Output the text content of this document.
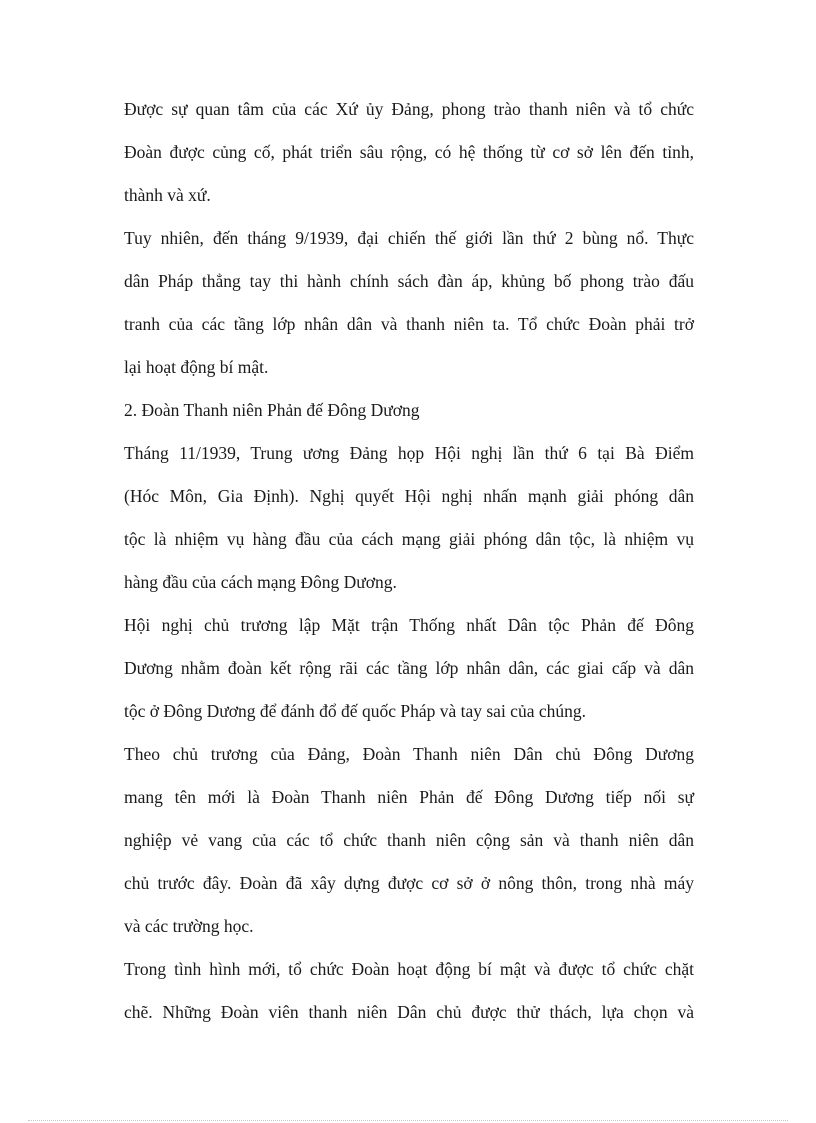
Được sự quan tâm của các Xứ ủy Đảng, phong trào thanh niên và tổ chức
Đoàn được củng cố, phát triển sâu rộng, có hệ thống từ cơ sở lên đến tỉnh,
thành và xứ.
Tuy nhiên, đến tháng 9/1939, đại chiến thế giới lần thứ 2 bùng nổ. Thực
dân Pháp thẳng tay thi hành chính sách đàn áp, khủng bố phong trào đấu
tranh của các tầng lớp nhân dân và thanh niên ta. Tổ chức Đoàn phải trở
lại hoạt động bí mật.
2. Đoàn Thanh niên Phản đế Đông Dương
Tháng 11/1939, Trung ương Đảng họp Hội nghị lần thứ 6 tại Bà Điểm
(Hóc Môn, Gia Định). Nghị quyết Hội nghị nhấn mạnh giải phóng dân
tộc là nhiệm vụ hàng đầu của cách mạng giải phóng dân tộc, là nhiệm vụ
hàng đầu của cách mạng Đông Dương.
Hội nghị chủ trương lập Mặt trận Thống nhất Dân tộc Phản đế Đông
Dương nhằm đoàn kết rộng rãi các tầng lớp nhân dân, các giai cấp và dân
tộc ở Đông Dương để đánh đổ đế quốc Pháp và tay sai của chúng.
Theo chủ trương của Đảng, Đoàn Thanh niên Dân chủ Đông Dương
mang tên mới là Đoàn Thanh niên Phản đế Đông Dương tiếp nối sự
nghiệp vẻ vang của các tổ chức thanh niên cộng sản và thanh niên dân
chủ trước đây. Đoàn đã xây dựng được cơ sở ở nông thôn, trong nhà máy
và các trường học.
Trong tình hình mới, tổ chức Đoàn hoạt động bí mật và được tổ chức chặt
chẽ. Những Đoàn viên thanh niên Dân chủ được thử thách, lựa chọn và
